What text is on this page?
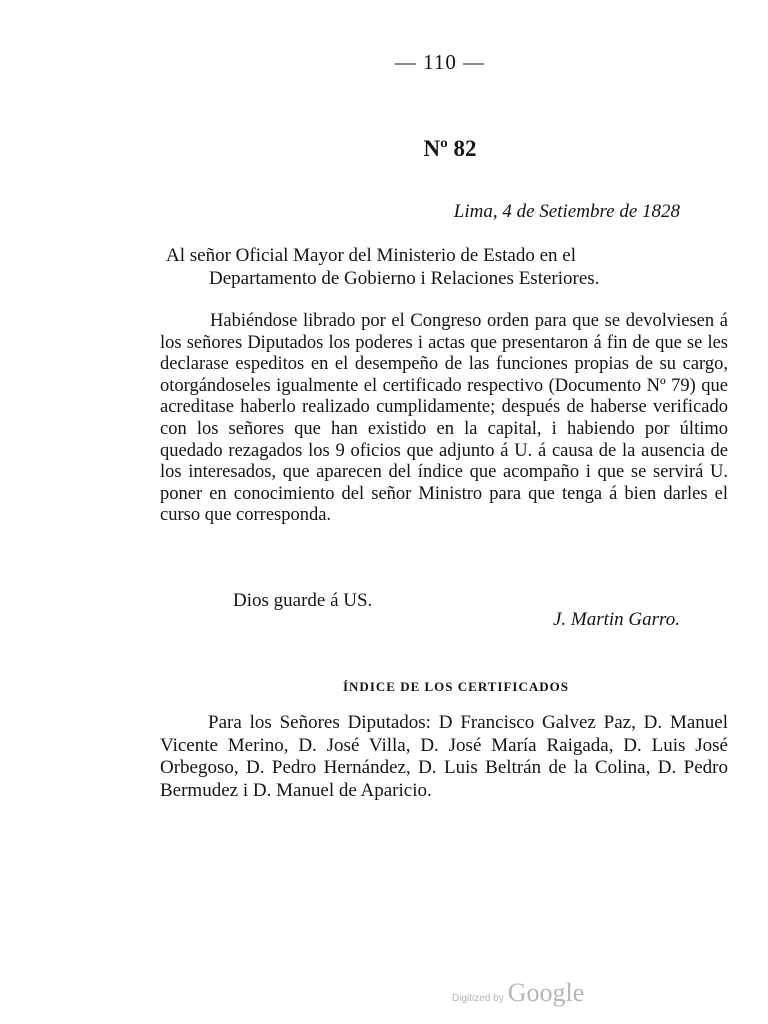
— 110 —
Nº 82
Lima, 4 de Setiembre de 1828
Al señor Oficial Mayor del Ministerio de Estado en el
Departamento de Gobierno i Relaciones Esteriores.

Habiéndose librado por el Congreso orden para que se devolviesen á los señores Diputados los poderes i actas que presentaron á fin de que se les declarase espeditos en el desempeño de las funciones propias de su cargo, otorgándoseles igualmente el certificado respectivo (Documento Nº 79) que acreditase haberlo realizado cumplidamente; después de haberse verificado con los señores que han existido en la capital, i habiendo por último quedado rezagados los 9 oficios que adjunto á U. á causa de la ausencia de los interesados, que aparecen del índice que acompaño i que se servirá U. poner en conocimiento del señor Ministro para que tenga á bien darles el curso que corresponda.

Dios guarde á US.
J. Martin Garro.
ÍNDICE DE LOS CERTIFICADOS

Para los Señores Diputados: D Francisco Galvez Paz, D. Manuel Vicente Merino, D. José Villa, D. José María Raigada, D. Luis José Orbegoso, D. Pedro Hernández, D. Luis Beltrán de la Colina, D. Pedro Bermudez i D. Manuel de Aparicio.

Digitized by Google
